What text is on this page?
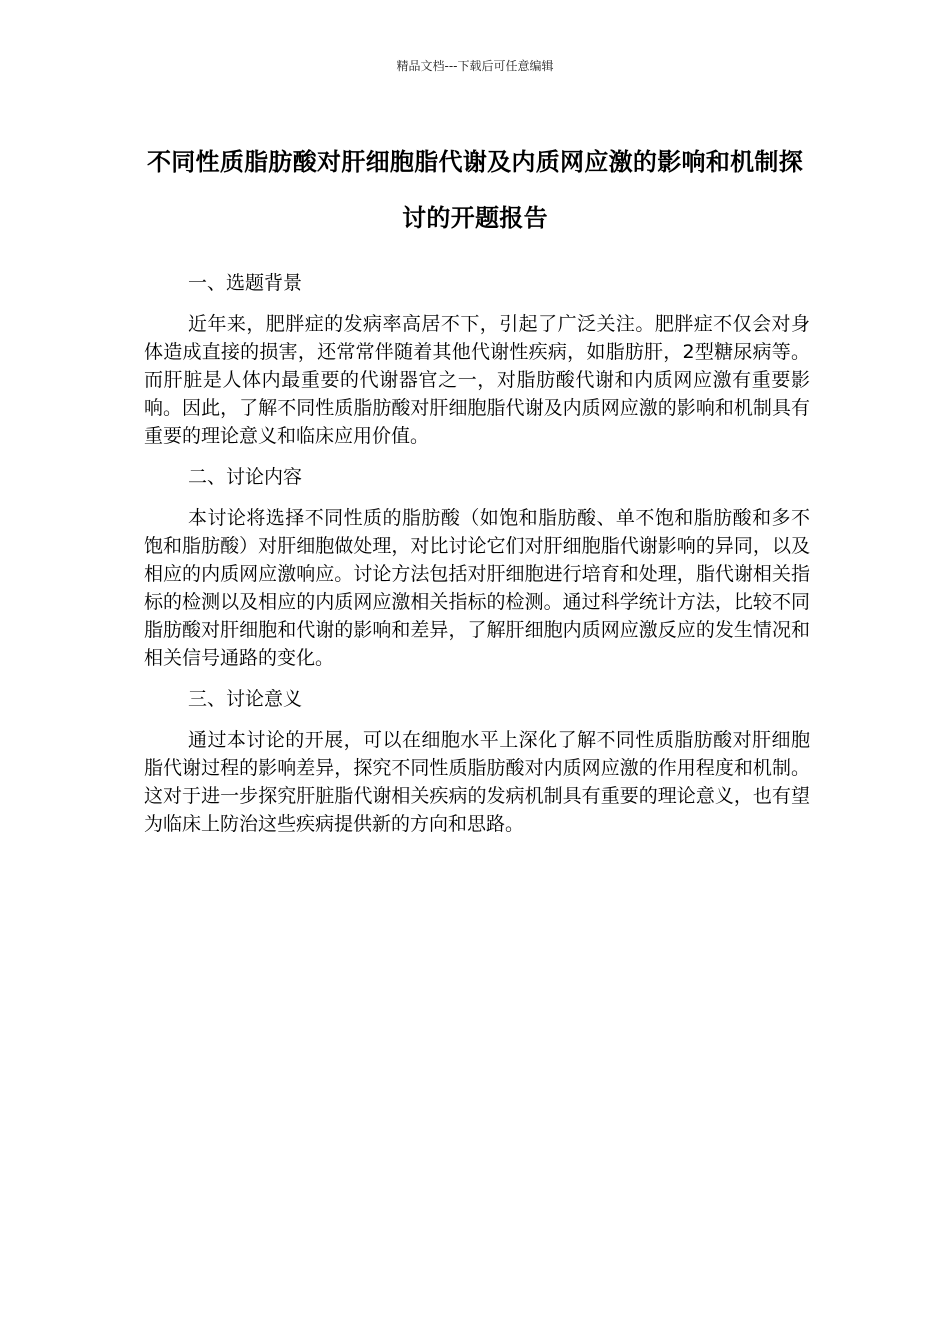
精品文档---下载后可任意编辑
不同性质脂肪酸对肝细胞脂代谢及内质网应激的影响和机制探讨的开题报告

一、选题背景

近年来，肥胖症的发病率高居不下，引起了广泛关注。肥胖症不仅会对身体造成直接的损害，还常常伴随着其他代谢性疾病，如脂肪肝，2型糖尿病等。而肝脏是人体内最重要的代谢器官之一，对脂肪酸代谢和内质网应激有重要影响。因此，了解不同性质脂肪酸对肝细胞脂代谢及内质网应激的影响和机制具有重要的理论意义和临床应用价值。

二、讨论内容

本讨论将选择不同性质的脂肪酸（如饱和脂肪酸、单不饱和脂肪酸和多不饱和脂肪酸）对肝细胞做处理，对比讨论它们对肝细胞脂代谢影响的异同，以及相应的内质网应激响应。讨论方法包括对肝细胞进行培育和处理，脂代谢相关指标的检测以及相应的内质网应激相关指标的检测。通过科学统计方法，比较不同脂肪酸对肝细胞和代谢的影响和差异，了解肝细胞内质网应激反应的发生情况和相关信号通路的变化。

三、讨论意义

通过本讨论的开展，可以在细胞水平上深化了解不同性质脂肪酸对肝细胞脂代谢过程的影响差异，探究不同性质脂肪酸对内质网应激的作用程度和机制。这对于进一步探究肝脏脂代谢相关疾病的发病机制具有重要的理论意义，也有望为临床上防治这些疾病提供新的方向和思路。
